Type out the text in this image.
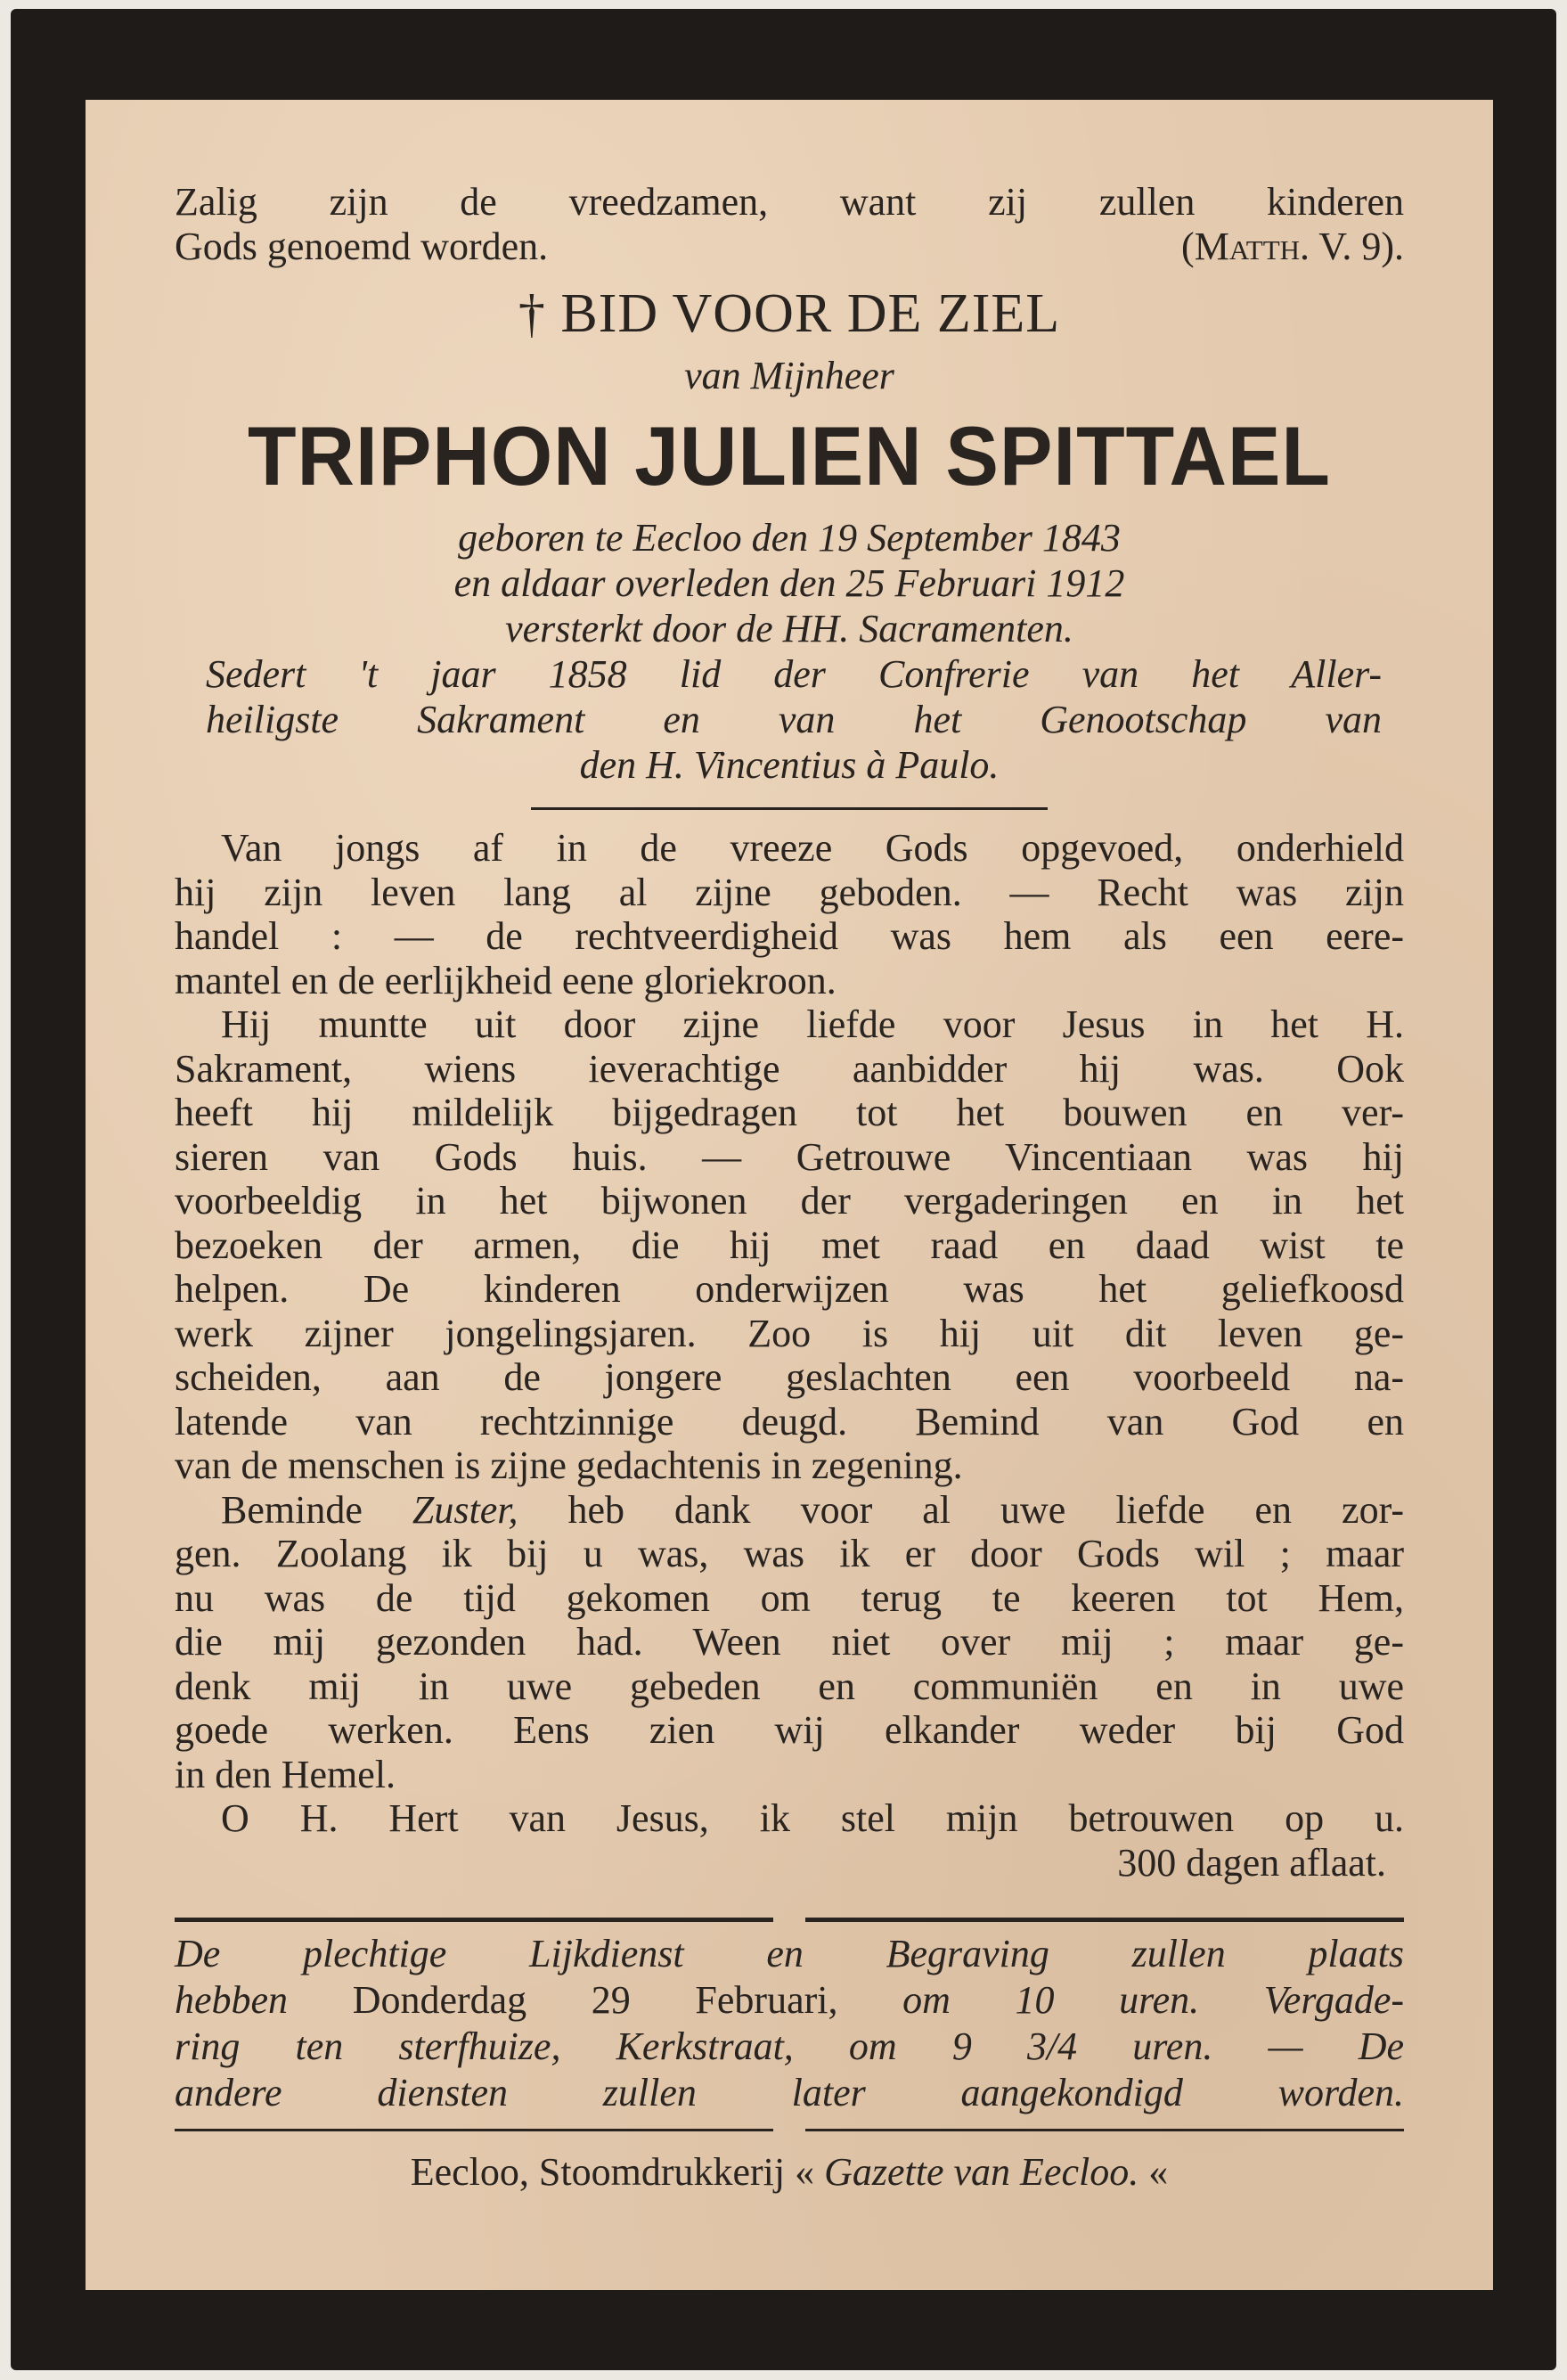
Zalig zijn de vreedzamen, want zij zullen kinderen
Gods genoemd worden.	(Matth. V. 9).
† BID VOOR DE ZIEL
van Mijnheer
TRIPHON JULIEN SPITTAEL
geboren te Eecloo den 19 September 1843
en aldaar overleden den 25 Februari 1912
versterkt door de HH. Sacramenten.
Sedert 't jaar 1858 lid der Confrerie van het Aller-
heiligste Sakrament en van het Genootschap van
den H. Vincentius à Paulo.
Van jongs af in de vreeze Gods opgevoed, onderhield
hij zijn leven lang al zijne geboden. — Recht was zijn
handel : — de rechtveerdigheid was hem als een eere-
mantel en de eerlijkheid eene gloriekroon.
Hij muntte uit door zijne liefde voor Jesus in het H.
Sakrament, wiens ieverachtige aanbidder hij was. Ook
heeft hij mildelijk bijgedragen tot het bouwen en ver-
sieren van Gods huis. — Getrouwe Vincentiaan was hij
voorbeeldig in het bijwonen der vergaderingen en in het
bezoeken der armen, die hij met raad en daad wist te
helpen. De kinderen onderwijzen was het geliefkoosd
werk zijner jongelingsjaren. Zoo is hij uit dit leven ge-
scheiden, aan de jongere geslachten een voorbeeld na-
latende van rechtzinnige deugd. Bemind van God en
van de menschen is zijne gedachtenis in zegening.
Beminde Zuster, heb dank voor al uwe liefde en zor-
gen. Zoolang ik bij u was, was ik er door Gods wil ; maar
nu was de tijd gekomen om terug te keeren tot Hem,
die mij gezonden had. Ween niet over mij ; maar ge-
denk mij in uwe gebeden en communiën en in uwe
goede werken. Eens zien wij elkander weder bij God
in den Hemel.
O H. Hert van Jesus, ik stel mijn betrouwen op u.
300 dagen aflaat.
De plechtige Lijkdienst en Begraving zullen plaats
hebben Donderdag 29 Februari, om 10 uren. Vergade-
ring ten sterfhuize, Kerkstraat, om 9 3/4 uren. — De
andere diensten zullen later aangekondigd worden.
Eecloo, Stoomdrukkerij « Gazette van Eecloo. «
